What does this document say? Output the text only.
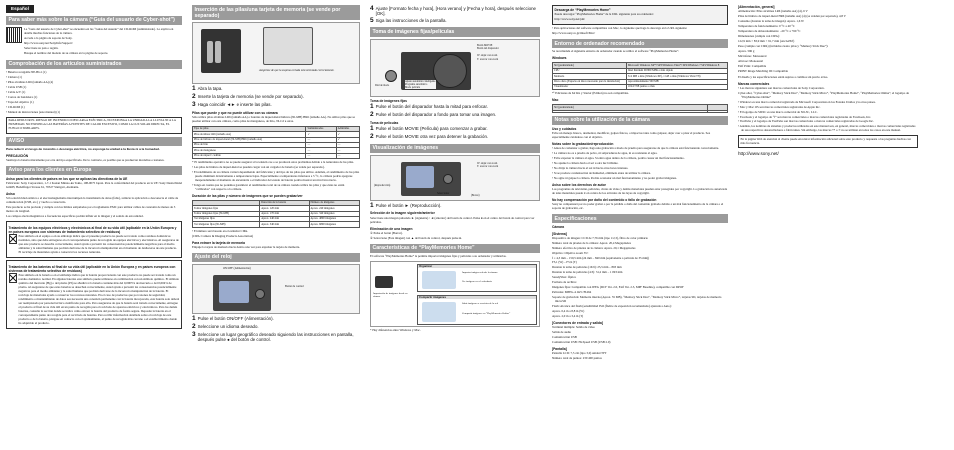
Español
Para saber más sobre la cámara (“Guía del usuario de Cyber-shot”)
La “Guía del usuario de Cyber-shot” se encuentra en las “Guías del usuario” del CD-ROM (suministrado). Le explica en detalle muchas funciones de la cámara.
Acceda a la página de soporte de Sony.
http://www.sony.net/SonyInfo/Support/
Seleccione su país o región.
Busque el nombre del modelo de su cámara en la página de soporte.
Comprobación de los artículos suministrados
• Batería recargable NP-BG1 (1)
• Cámara (1)
• Pilas alcalinas LR6 (tamaño AA) (4)
• Cable USB (1)
• Cable A/V (1)
• Correa de bandolera (1)
• Tapa del objetivo (1)
• CD-ROM (1)
• Manual de instrucciones (este manual) (1)
PARA REDUCIR EL RIESGO DE INCENDIO O DESCARGA ELÉCTRICA, NO EXPONGA LA UNIDAD A LA LLUVIA NI A LA HUMEDAD. NO EXPONGA LAS BATERÍAS A FUENTES DE CALOR EXCESIVO, COMO LA LUZ SOLAR DIRECTA, EL FUEGO O SIMILARES.
AVISO
Para reducir el riesgo de incendio o descarga eléctrica, no exponga la unidad a la lluvia ni a la humedad.
PRECAUCIÓN
Sustituya la batería únicamente por otra del tipo especificado. De lo contrario, es posible que se produzcan incendios o lesiones.
Aviso para los clientes en Europa
Aviso para los clientes de países en los que se aplican las directivas de la UE
Fabricante: Sony Corporation, 1-7-1 Konan Minato-ku Tokio, 108-0075 Japón. Para la conformidad del producto en la UE: Sony Deutschland GmbH, Hedelfinger Strasse 61, 70327 Stuttgart, Alemania.
Aviso
Si la electricidad estática o el electromagnetismo interrumpen la transmisión de datos (fallo), reinicie la aplicación o desconecte el cable de comunicación (USB, etc.) y vuelva a conectarlo.
Este producto se ha probado y cumple con los límites estipulados por el reglamento EMC para utilizar cables de conexión de menos de 3 metros de longitud.
Los campos electromagnéticos a frecuencias específicas podrán influir en la imagen y el sonido de esta unidad.
Tratamiento de los equipos eléctricos y electrónicos al final de su vida útil (aplicable en la Unión Europea y en países europeos con sistemas de tratamiento selectivo de residuos)
Este símbolo en el equipo o en su embalaje indica que el presente producto no puede ser tratado como residuos domésticos normales, sino que debe entregarse en el correspondiente punto de recogida de equipos eléctricos y electrónicos. Al asegurarse de que este producto se desecha correctamente, usted ayuda a prevenir las consecuencias potencialmente negativas para el medio ambiente y la salud humana que podrían derivarse de la incorrecta manipulación en el momento de deshacerse de este producto. El reciclaje de materiales ayuda a conservar los recursos naturales.
Tratamiento de las baterías al final de su vida útil (aplicable en la Unión Europea y en países europeos con sistemas de tratamiento selectivo de residuos)
Este símbolo en la batería o en el embalaje indica que la batería proporcionada con este producto no puede ser tratada como un residuo doméstico normal. En algunas baterías este símbolo puede utilizarse en combinación con un símbolo químico. El símbolo químico del mercurio (Hg) o del plomo (Pb) se añadirá si la batería contiene más del 0,0005% de mercurio o del 0,004% de plomo. Al asegurarse de que estas baterías se desechan correctamente, usted ayuda a prevenir las consecuencias potencialmente negativas para el medio ambiente y la salud humana que podrían derivarse de la incorrecta manipulación de la batería. El reciclaje de materiales ayuda a conservar los recursos naturales. En el caso de productos que por razones de seguridad, rendimiento o mantenimiento de datos sea necesaria una conexión permanente con la batería incorporada, esta batería solo deberá ser reemplazada por personal técnico cualificado para ello. Para asegurarse de que la batería será tratada correctamente, entregue el producto al final de su vida útil en un punto de recogida para el reciclado de aparatos eléctricos y electrónicos. Para las demás baterías, consulte la sección donde se indica cómo extraer la batería del producto de forma segura. Deposite la batería en el correspondiente punto de recogida para el reciclado de baterías. Para recibir información detallada sobre el reciclaje de este producto o de la batería, póngase en contacto con el ayuntamiento, el punto de recogida más cercano o el establecimiento donde ha adquirido el producto.
Inserción de las pilas/una tarjeta de memoria (se vende por separado)
Asegúrese de que la esquina cortada está orientada correctamente.
1 Abra la tapa.
2 Inserte la tarjeta de memoria (se vende por separado).
3 Haga coincidir ◄► e inserte las pilas.
Pilas que puede y que no puede utilizar con su cámara
Sólo utilice pilas alcalinas LR6 (tamaño AA) o baterías de níquel-metal hidruro (Ni-MH) HR6 (tamaño AA). No utilice pilas que se puedan utilizar con esta cámara, como pilas de manganeso, de litio, Ni-Cd u otras.
Tipo de pilas	Suministradas	Admitidas
Pilas alcalinas LR6 (tamaño AA)	✓	✓
Pilas de hidruro de níquel-metal (Ni-MH) HR6 (tamaño AA)	—	✓
Pilas de litio	—	—
Pilas de manganeso	—	—
Pilas de níquel / cadmio	—	—
* El rendimiento operativo no se puede asegurar si la tensión cae o se producen otros problemas debido a la naturaleza de las pilas.
• Las pilas de hidruro de níquel-metal se pueden cargar con un cargador de batería (se vende por separado).
• El rendimiento de su cámara variará dependiendo del fabricante y del tipo de las pilas que utilice. Además, el rendimiento de las pilas puede disminuir drásticamente a temperaturas bajas. Especialmente a temperaturas inferiores a 5 °C, la cámara podría apagarse inesperadamente al momento de encenderla o el indicador del estado de batería podría mostrar un nivel incorrecto.
• Tenga en cuenta que no podemos garantizar el rendimiento total de su cámara cuando utilice las pilas y que éstas no están "calibradas" con respecto a la cámara.
Duración de las pilas y número de imágenes que se pueden grabar/ver
	Duración de la batería	Número de imágenes
Tomar imágenes fijas	Aprox. 120 min	Aprox. 240 imágenes
Tomar imágenes fijas (Ni-MH)	Aprox. 170 min	Aprox. 340 imágenes
Ver imágenes fijas	Aprox. 240 min	Aprox. 4800 imágenes
Ver imágenes fijas (Ni-MH)	Aprox. 340 min	Aprox. 6800 imágenes
• El número será basado en el estándar CIPA.
(CIPA: Camera & Imaging Products Association)
Para extraer la tarjeta de memoria
Empuje la tarjeta de memoria hacia dentro una vez para expulsar la tarjeta de memoria.
Ajuste del reloj
ON/OFF (Alimentación)
Botón de control
1 Pulse el botón ON/OFF (Alimentación).
2 Seleccione un idioma deseado.
3 Seleccione un lugar geográfico deseado siguiendo las instrucciones en pantalla, después pulse ● del botón de control.
4 Ajuste [Formato fecha y hora], [Hora verano] y [Fecha y hora], después seleccione [OK].
5 Siga las instrucciones de la pantalla.
Toma de imágenes fijas/películas
Botón MOVIE
Botón del disparador
W: alejar con zoom
T: acercar con zoom
Dial de modo
Ajuste automático inteligente
Programa automático
Modo película
Toma de imágenes fijas
1 Pulse el botón del disparador hasta la mitad para enfocar.
2 Pulse el botón del disparador a fondo para tomar una imagen.
Toma de películas
1 Pulse el botón MOVIE (Película) para comenzar a grabar.
2 Pulse el botón MOVIE otra vez para detener la grabación.
Visualización de imágenes
W: alejar con zoom
T: acercar con zoom
(Reproducción)
Seleccionar
(Borrar)
1 Pulse el botón ► (Reproducción).
Selección de la imagen siguiente/anterior
Seleccione una imagen pulsando ► (siguiente) / ◄ (anterior) del botón de control. Pulse ● en el centro del botón de control para ver películas.
Eliminación de una imagen
① Pulse el botón (Borrar).
② Seleccione [Esta imagen] con ▲ del botón de control, después pulse ●.
Características de “PlayMemories Home”
El software “PlayMemories Home” le permite importar imágenes fijas y películas a su ordenador y utilizarlas.
Importación de imágenes desde su cámara
Organizar
Importar imágenes desde la cámara
Ver imágenes en el calendario
Compartir imágenes
Subir imágenes a servicios de la red
Compartir imágenes en “PlayMemories Online”
* Hay diferencias entre Windows y Mac.
Descarga de “PlayMemories Home”
Puede descargar “PlayMemories Home” de la URL siguiente para su ordenador:
http://www.sony.net/pm/
• Para aplicaciones del software compatibles con Mac, lo siguiente que haga la descarga en la URL siguiente:
http://www.sony.co.jp/imsoft/Mac/
Entorno de ordenador recomendado
Se recomienda el siguiente entorno de ordenador cuando se utilice el software “PlayMemories Home”.
Windows
SO (preinstalado)	Microsoft Windows XP*¹ SP3/Windows Vista*² SP2/Windows 7 SP1/Windows 8
CPU	Intel Pentium III 800 MHz o más rápido
Memoria	512 MB o más (Windows XP), 1 GB o más (Windows Vista/7/8)
Disco duro (Espacio en disco necesario para la instalación)	Aproximadamente 500 MB
Visualizador	1024×768 puntos o más
*¹ Ediciones de 64 bits y Starter (Edition) no son compatibles.
Mac
SO (preinstalado)	

Notas sobre la utilización de la cámara
Uso y cuidados
Evite un manejo brusco, desmontar, modificar, golpes físicos, o impactos tales como golpear, dejar caer o pisar el producto. Sea especialmente cuidadoso con el objetivo.
Notas sobre la grabación/reproducción
• Antes de comenzar a grabar, haga una grabación a modo de prueba para asegurarse de que la cámara está funcionando correctamente.
• La cámara no es a prueba de polvo, ni salpicaduras de agua, ni es resistente al agua.
• Evite exponer la cámara al agua. Si entra agua dentro de la cámara, podría causar un mal funcionamiento.
• No apunte la cámara hacia el sol u otra luz brillante.
• No dirija la cámara hacia el sol ni hacia otras luces intensas.
• Si se produce condensación de humedad, elimínela antes de utilizar la cámara.
• No agite ni golpee la cámara. Podría ocasionar un mal funcionamiento y no poder grabar imágenes.
Aviso sobre los derechos de autor
Los programas de televisión, películas, cintas de vídeo y demás materiales pueden estar protegidos por copyright. La grabación no autorizada de tales materiales puede ir en contra de los artículos de las leyes de copyright.
No hay compensación por daño del contenido o fallo de grabación
Sony no compensará por no poder grabar o por la pérdida o daño del contenido grabado debido a un mal funcionamiento de la cámara o el soporte de grabación, etc.
Especificaciones
Cámara
[Sistema]
Dispositivo de imagen: CCD de 7,76 mm (tipo 1/2,3), filtro de color primario
Número total de píxeles de la cámara: Aprox. 20,4 Megapíxeles
Número efectivo de píxeles de la cámara: Aprox. 20,1 Megapíxeles
Objetivo: Objetivo zoom 35×
f = 4,3 mm – 150,5 mm (24 mm – 840 mm (equivalente a película de 35 mm))
F3,1 (W) – F5,9 (T)
Durante la toma de películas (16:9): 25,5 mm – 893 mm
Durante la toma de películas (4:3): 31,2 mm – 1 093 mm
SteadyShot: Óptico
Formato de archivo:
Imágenes fijas: Compatible con JPEG (DCF Ver. 2.0, Exif Ver. 2.3, MPF Baseline), compatible con DPOF
Películas: MPEG-4 AVC/H.264
Soporte de grabación: Memoria interna (Aprox. 55 MB), “Memory Stick Duo”, “Memory Stick Micro”, tarjetas SD, tarjetas de memoria microSD
Flash: Alcance del flash (sensibilidad ISO (Índice de exposición recomendado) ajustada a Auto):
Aprox. 0,4 m a 8,8 m (W)
Aprox. 2,0 m a 3,4 m (T)
[Conectores de entrada y salida]
Terminal múltiple: Salida de vídeo
Salida de audio
Comunicación USB
Comunicación USB: Hi-Speed USB (USB 2.0)
[Pantalla]
Pantalla LCD: 7,5 cm (tipo 3,0) unidad TFT
Número total de puntos: 230 400 puntos
[Alimentación, general]
Alimentación: Pilas alcalinas LR6 (tamaño AA) (4), 6 V
Pilas de hidruro de níquel-metal HR6 (tamaño AA) (4) (se venden por separado), 4,8 V
Consumo (durante la toma de imagen): Aprox. 1,6 W
Temperatura de funcionamiento: 0 °C a 40 °C
Temperatura de almacenamiento: –20 °C a +60 °C
Dimensiones (cumple con CIPA):
122,9 mm × 83,9 mm × 91,7 mm (An/Al/Prf)
Peso (cumple con CIPA) (incluidas cuatro pilas y “Memory Stick Duo”):
Aprox. 596 g
Micrófono: Monoaural
Altavoz: Monoaural
Exif Print: Compatible
PRINT Image Matching III: Compatible
El diseño y las especificaciones están sujetos a cambios sin previo aviso.
Marcas comerciales
• Las marcas siguientes son marcas comerciales de Sony Corporation.
Cyber-shot, “Cyber-shot”, “Memory Stick Duo”, “Memory Stick Micro”, “PlayMemories Home”, “PlayMemories Online”, el logotipo de “PlayMemories Online”
• Windows es una marca comercial registrada de Microsoft Corporation en los Estados Unidos y/u otros países.
• Mac y Mac OS son marcas comerciales registradas de Apple Inc.
• El logotipo de SDXC es una marca comercial de SD-3C, LLC.
• Facebook y el logotipo de “f” son marcas comerciales o marcas comerciales registradas de Facebook, Inc.
• YouTube y el logotipo de YouTube son marcas comerciales o marcas comerciales registradas de Google Inc.
• Además, los nombres de sistemas y productos utilizados en este manual son, en general, marcas comerciales o marcas comerciales registradas de sus respectivos desarrolladores o fabricantes. Sin embargo, las marcas ™ o ® no se utilizan en todos los casos en este manual.
En la página Web de atención al cliente puede encontrar información adicional sobre este producto y respuesta a las preguntas hechas con más frecuencia.
http://www.sony.net/
